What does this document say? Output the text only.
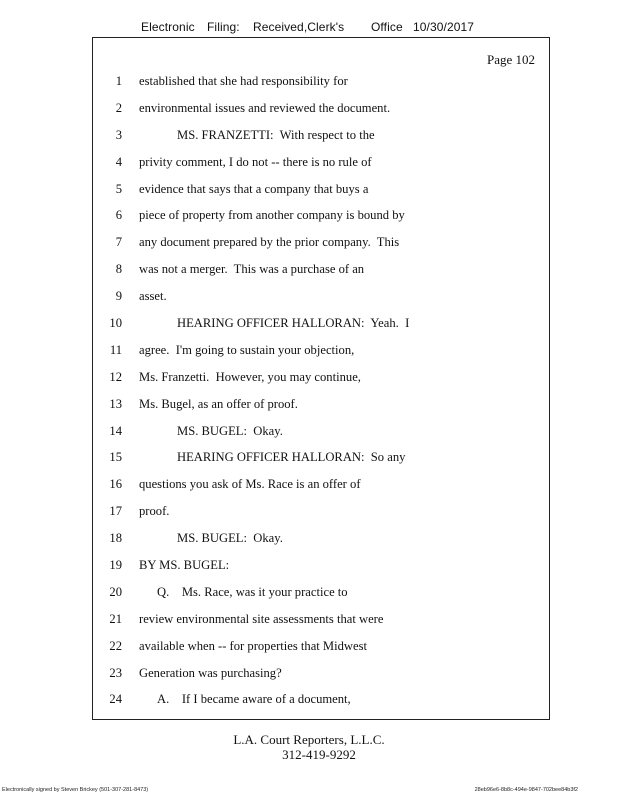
Electronic Filing: Received,Clerk's Office 10/30/2017
Page 102
1 established that she had responsibility for
2 environmental issues and reviewed the document.
3	MS. FRANZETTI:  With respect to the
4 privity comment, I do not -- there is no rule of
5 evidence that says that a company that buys a
6 piece of property from another company is bound by
7 any document prepared by the prior company.  This
8 was not a merger.  This was a purchase of an
9 asset.
10	HEARING OFFICER HALLORAN:  Yeah.  I
11 agree.  I'm going to sustain your objection,
12 Ms. Franzetti.  However, you may continue,
13 Ms. Bugel, as an offer of proof.
14	MS. BUGEL:  Okay.
15	HEARING OFFICER HALLORAN:  So any
16 questions you ask of Ms. Race is an offer of
17 proof.
18	MS. BUGEL:  Okay.
19 BY MS. BUGEL:
20	Q.    Ms. Race, was it your practice to
21 review environmental site assessments that were
22 available when -- for properties that Midwest
23 Generation was purchasing?
24	A.    If I became aware of a document,
L.A. Court Reporters, L.L.C.
312-419-9292
Electronically signed by Steven Brickey (501-307-281-8473)	28eb96e6-8b8c-494e-9847-702bee84b3f2
